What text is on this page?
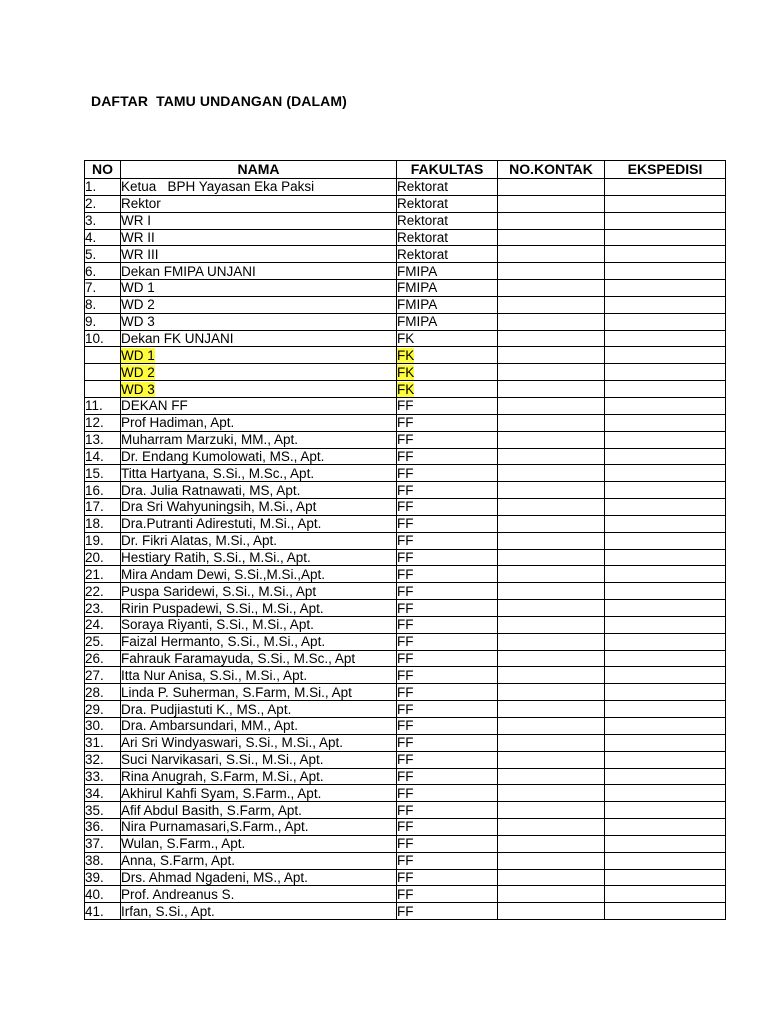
DAFTAR  TAMU UNDANGAN (DALAM)
NO	NAMA	FAKULTAS	NO.KONTAK	EKSPEDISI
1.	Ketua   BPH Yayasan Eka Paksi	Rektorat		
2.	Rektor	Rektorat		
3.	WR I	Rektorat		
4.	WR II	Rektorat		
5.	WR III	Rektorat		
6.	Dekan FMIPA UNJANI	FMIPA		
7.	WD 1	FMIPA		
8.	WD 2	FMIPA		
9.	WD 3	FMIPA		
10.	Dekan FK UNJANI	FK		
	WD 1	FK		
	WD 2	FK		
	WD 3	FK		
11.	DEKAN FF	FF		
12.	Prof Hadiman, Apt.	FF		
13.	Muharram Marzuki, MM., Apt.	FF		
14.	Dr. Endang Kumolowati, MS., Apt.	FF		
15.	Titta Hartyana, S.Si., M.Sc., Apt.	FF		
16.	Dra. Julia Ratnawati, MS, Apt.	FF		
17.	Dra Sri Wahyuningsih, M.Si., Apt	FF		
18.	Dra.Putranti Adirestuti, M.Si., Apt.	FF		
19.	Dr. Fikri Alatas, M.Si., Apt.	FF		
20.	Hestiary Ratih, S.Si., M.Si., Apt.	FF		
21.	Mira Andam Dewi, S.Si.,M.Si.,Apt.	FF		
22.	Puspa Saridewi, S.Si., M.Si., Apt	FF		
23.	Ririn Puspadewi, S.Si., M.Si., Apt.	FF		
24.	Soraya Riyanti, S.Si., M.Si., Apt.	FF		
25.	Faizal Hermanto, S.Si., M.Si., Apt.	FF		
26.	Fahrauk Faramayuda, S.Si., M.Sc., Apt	FF		
27.	Itta Nur Anisa, S.Si., M.Si., Apt.	FF		
28.	Linda P. Suherman, S.Farm, M.Si., Apt	FF		
29.	Dra. Pudjiastuti K., MS., Apt.	FF		
30.	Dra. Ambarsundari, MM., Apt.	FF		
31.	Ari Sri Windyaswari, S.Si., M.Si., Apt.	FF		
32.	Suci Narvikasari, S.Si., M.Si., Apt.	FF		
33.	Rina Anugrah, S.Farm, M.Si., Apt.	FF		
34.	Akhirul Kahfi Syam, S.Farm., Apt.	FF		
35.	Afif Abdul Basith, S.Farm, Apt.	FF		
36.	Nira Purnamasari,S.Farm., Apt.	FF		
37.	Wulan, S.Farm., Apt.	FF		
38.	Anna, S.Farm, Apt.	FF		
39.	Drs. Ahmad Ngadeni, MS., Apt.	FF		
40.	Prof. Andreanus S.	FF		
41.	Irfan, S.Si., Apt.	FF		
